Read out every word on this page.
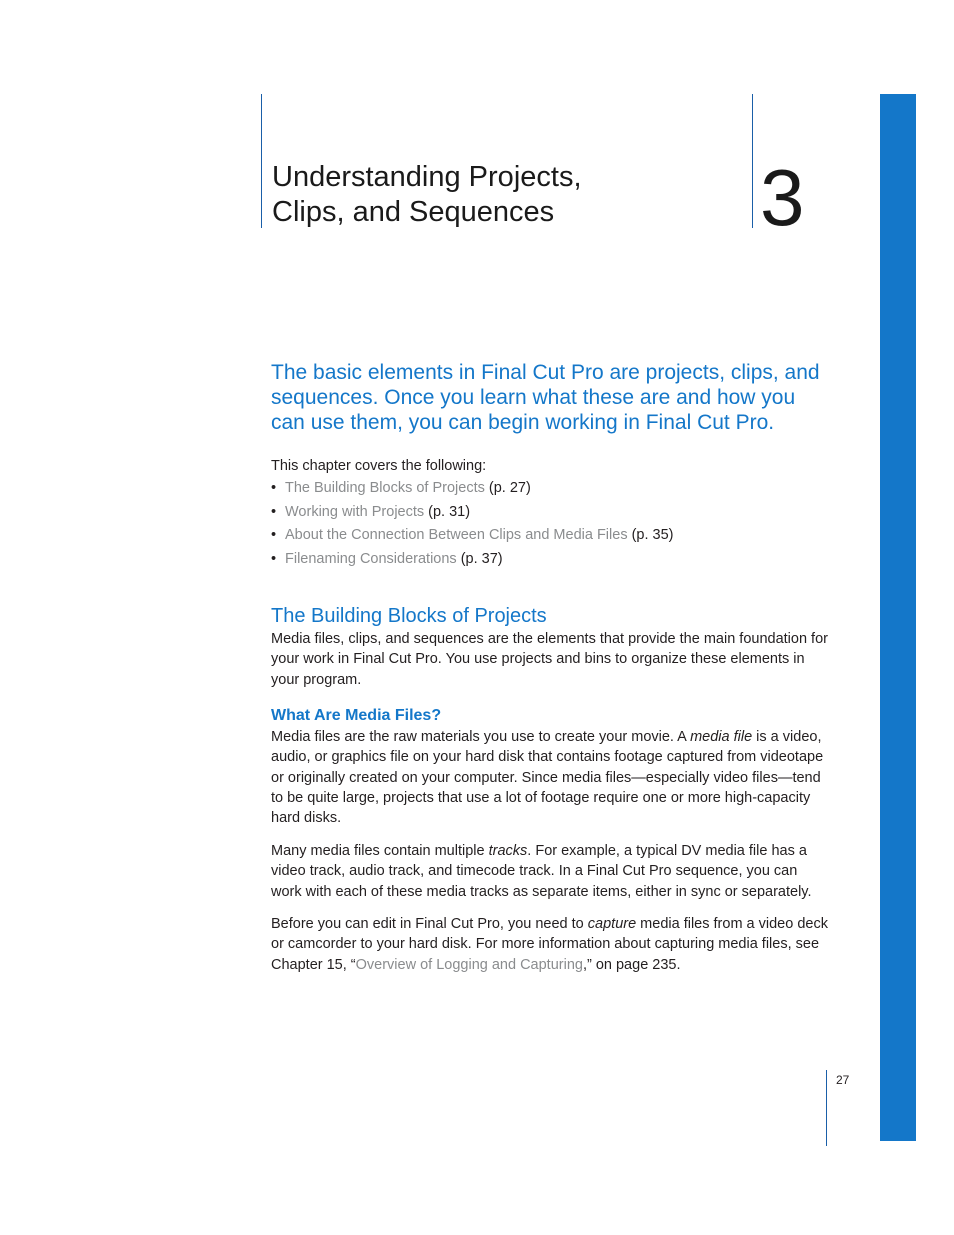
Understanding Projects,
Clips, and Sequences	3

The basic elements in Final Cut Pro are projects, clips, and sequences. Once you learn what these are and how you can use them, you can begin working in Final Cut Pro.

This chapter covers the following:

• The Building Blocks of Projects (p. 27)
• Working with Projects (p. 31)
• About the Connection Between Clips and Media Files (p. 35)
• Filenaming Considerations (p. 37)
The Building Blocks of Projects

Media files, clips, and sequences are the elements that provide the main foundation for your work in Final Cut Pro. You use projects and bins to organize these elements in your program.

What Are Media Files?

Media files are the raw materials you use to create your movie. A media file is a video, audio, or graphics file on your hard disk that contains footage captured from videotape or originally created on your computer. Since media files—especially video files—tend to be quite large, projects that use a lot of footage require one or more high-capacity hard disks.

Many media files contain multiple tracks. For example, a typical DV media file has a video track, audio track, and timecode track. In a Final Cut Pro sequence, you can work with each of these media tracks as separate items, either in sync or separately.

Before you can edit in Final Cut Pro, you need to capture media files from a video deck or camcorder to your hard disk. For more information about capturing media files, see Chapter 15, “Overview of Logging and Capturing,” on page 235.

27
